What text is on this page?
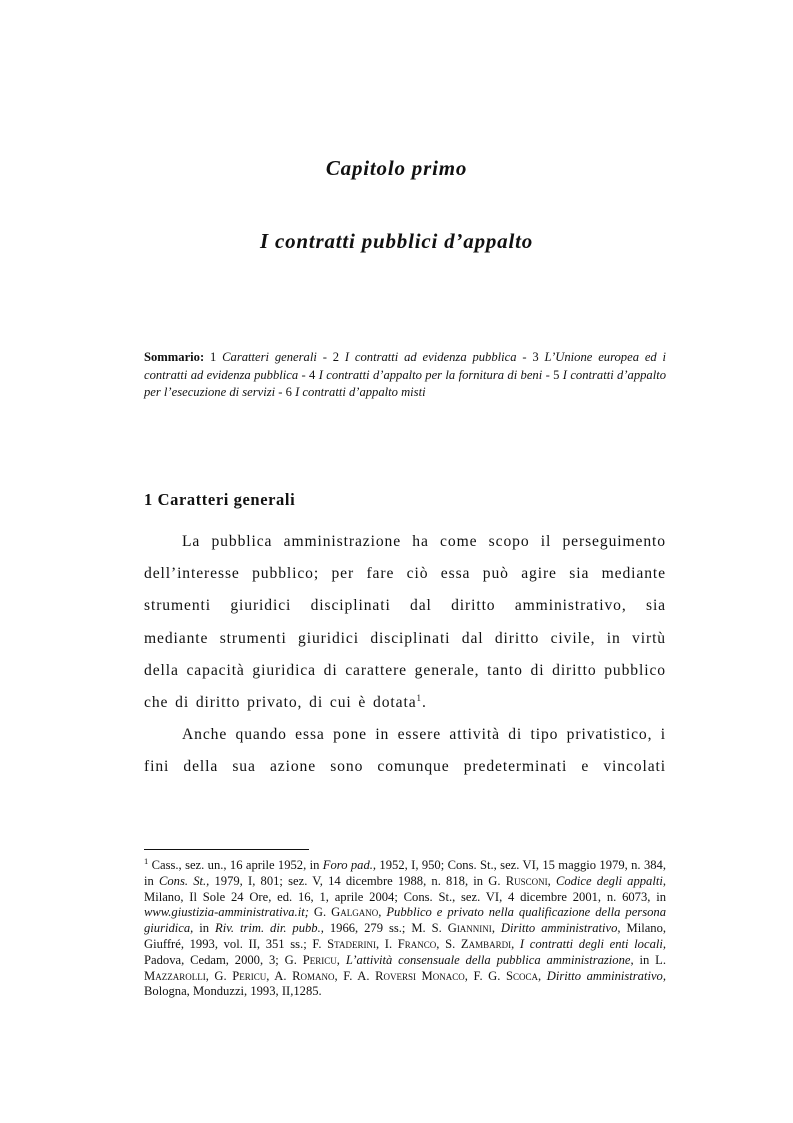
Capitolo primo
I contratti pubblici d’appalto
Sommario: 1 Caratteri generali - 2 I contratti ad evidenza pubblica - 3 L’Unione europea ed i contratti ad evidenza pubblica - 4 I contratti d’appalto per la fornitura di beni - 5 I contratti d’appalto per l’esecuzione di servizi - 6 I contratti d’appalto misti
1 Caratteri generali
La pubblica amministrazione ha come scopo il perseguimento
dell’interesse pubblico; per fare ciò essa può agire sia mediante
strumenti giuridici disciplinati dal diritto amministrativo, sia
mediante strumenti giuridici disciplinati dal diritto civile, in virtù
della capacità giuridica di carattere generale, tanto di diritto pubblico
che di diritto privato, di cui è dotata$^1$.
Anche quando essa pone in essere attività di tipo privatistico, i
fini della sua azione sono comunque predeterminati e vincolati
$^1$ Cass., sez. un., 16 aprile 1952, in Foro pad., 1952, I, 950; Cons. St., sez. VI, 15 maggio 1979, n. 384, in Cons. St., 1979, I, 801; sez. V, 14 dicembre 1988, n. 818, in G. Rusconi, Codice degli appalti, Milano, Il Sole 24 Ore, ed. 16, 1, aprile 2004; Cons. St., sez. VI, 4 dicembre 2001, n. 6073, in www.giustizia-amministrativa.it; G. Galgano, Pubblico e privato nella qualificazione della persona giuridica, in Riv. trim. dir. pubb., 1966, 279 ss.; M. S. Giannini, Diritto amministrativo, Milano, Giuffré, 1993, vol. II, 351 ss.; F. Staderini, I. Franco, S. Zambardi, I contratti degli enti locali, Padova, Cedam, 2000, 3; G. Pericu, L’attività consensuale della pubblica amministrazione, in L. Mazzarolli, G. Pericu, A. Romano, F. A. Roversi Monaco, F. G. Scoca, Diritto amministrativo, Bologna, Monduzzi, 1993, II,1285.
